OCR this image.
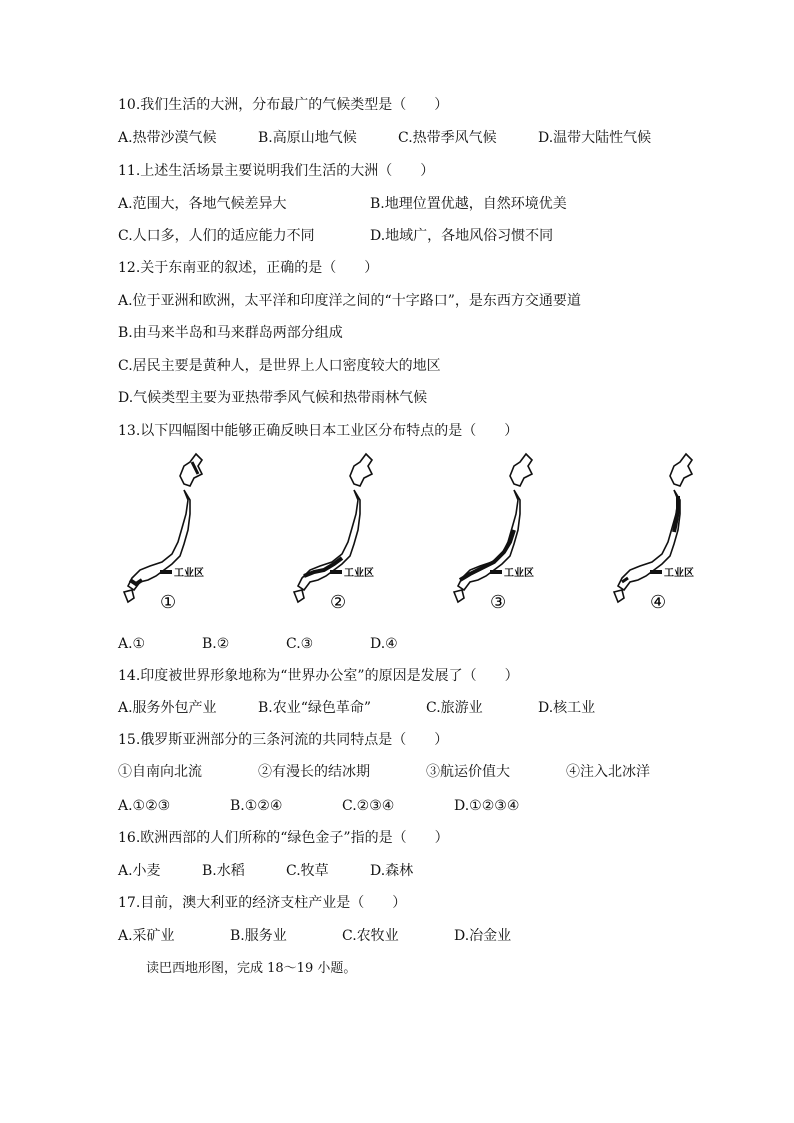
10.我们生活的大洲，分布最广的气候类型是（　　）
A.热带沙漠气候	B.高原山地气候	C.热带季风气候	D.温带大陆性气候
11.上述生活场景主要说明我们生活的大洲（　　）
A.范围大，各地气候差异大	B.地理位置优越，自然环境优美
C.人口多，人们的适应能力不同	D.地域广，各地风俗习惯不同
12.关于东南亚的叙述，正确的是（　　）
A.位于亚洲和欧洲，太平洋和印度洋之间的“十字路口”，是东西方交通要道
B.由马来半岛和马来群岛两部分组成
C.居民主要是黄种人，是世界上人口密度较大的地区
D.气候类型主要为亚热带季风气候和热带雨林气候
13.以下四幅图中能够正确反映日本工业区分布特点的是（　　）
工业区
①
工业区
②
工业区
③
工业区
④
A.①	B.②	C.③	D.④
14.印度被世界形象地称为“世界办公室”的原因是发展了（　　）
A.服务外包产业	B.农业“绿色革命”	C.旅游业	D.核工业
15.俄罗斯亚洲部分的三条河流的共同特点是（　　）
①自南向北流	②有漫长的结冰期	③航运价值大	④注入北冰洋
A.①②③	B.①②④	C.②③④	D.①②③④
16.欧洲西部的人们所称的“绿色金子”指的是（　　）
A.小麦	B.水稻	C.牧草	D.森林
17.目前，澳大利亚的经济支柱产业是（　　）
A.采矿业	B.服务业	C.农牧业	D.冶金业
读巴西地形图，完成 18～19 小题。
